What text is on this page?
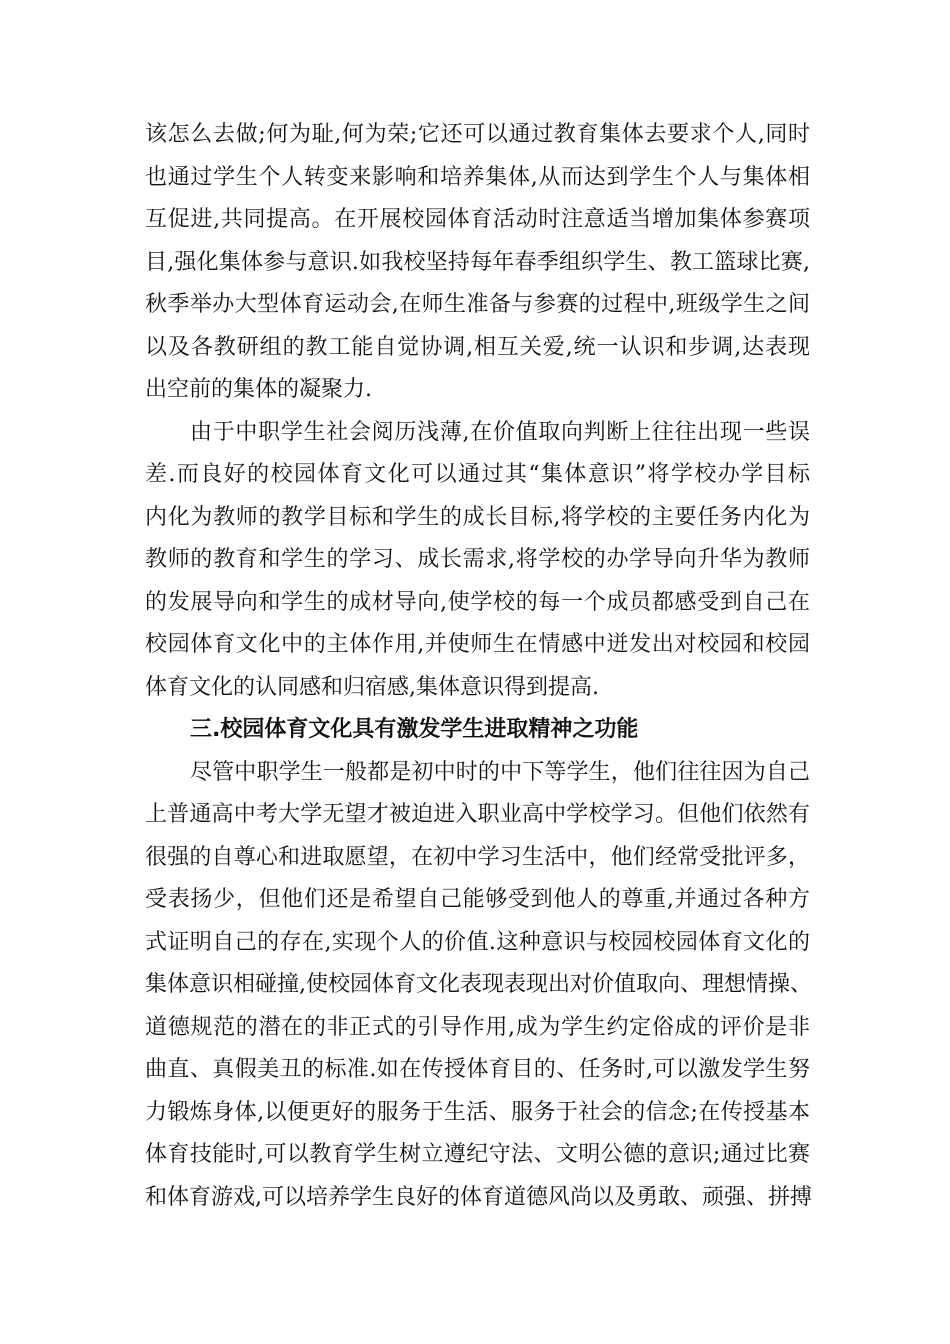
该怎么去做;何为耻,何为荣;它还可以通过教育集体去要求个人,同时
也通过学生个人转变来影响和培养集体,从而达到学生个人与集体相
互促进,共同提高。在开展校园体育活动时注意适当增加集体参赛项
目,强化集体参与意识.如我校坚持每年春季组织学生、教工篮球比赛,
秋季举办大型体育运动会,在师生准备与参赛的过程中,班级学生之间
以及各教研组的教工能自觉协调,相互关爱,统一认识和步调,达表现
出空前的集体的凝聚力.
由于中职学生社会阅历浅薄,在价值取向判断上往往出现一些误
差.而良好的校园体育文化可以通过其“集体意识”将学校办学目标
内化为教师的教学目标和学生的成长目标,将学校的主要任务内化为
教师的教育和学生的学习、成长需求,将学校的办学导向升华为教师
的发展导向和学生的成材导向,使学校的每一个成员都感受到自己在
校园体育文化中的主体作用,并使师生在情感中迸发出对校园和校园
体育文化的认同感和归宿感,集体意识得到提高.
三.校园体育文化具有激发学生进取精神之功能
尽管中职学生一般都是初中时的中下等学生，他们往往因为自己
上普通高中考大学无望才被迫进入职业高中学校学习。但他们依然有
很强的自尊心和进取愿望，在初中学习生活中，他们经常受批评多，
受表扬少，但他们还是希望自己能够受到他人的尊重,并通过各种方
式证明自己的存在,实现个人的价值.这种意识与校园校园体育文化的
集体意识相碰撞,使校园体育文化表现表现出对价值取向、理想情操、
道德规范的潜在的非正式的引导作用,成为学生约定俗成的评价是非
曲直、真假美丑的标准.如在传授体育目的、任务时,可以激发学生努
力锻炼身体,以便更好的服务于生活、服务于社会的信念;在传授基本
体育技能时,可以教育学生树立遵纪守法、文明公德的意识;通过比赛
和体育游戏,可以培养学生良好的体育道德风尚以及勇敢、顽强、拼搏
